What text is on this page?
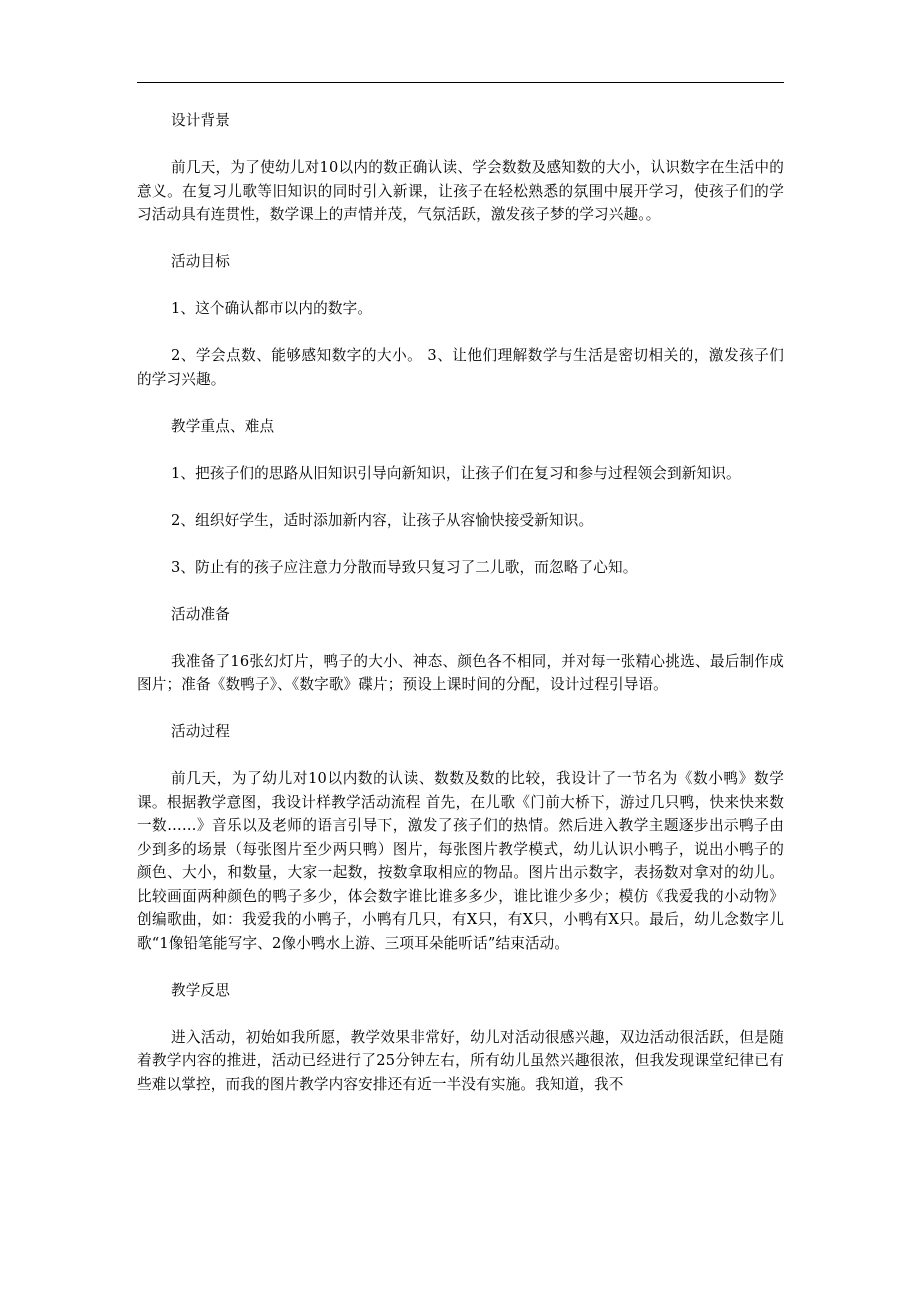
设计背景

前几天，为了使幼儿对10以内的数正确认读、学会数数及感知数的大小，认识数字在生活中的意义。在复习儿歌等旧知识的同时引入新课，让孩子在轻松熟悉的氛围中展开学习，使孩子们的学习活动具有连贯性，数学课上的声情并茂，气氛活跃，激发孩子梦的学习兴趣。。

活动目标

1、这个确认都市以内的数字。

2、学会点数、能够感知数字的大小。 3、让他们理解数学与生活是密切相关的，激发孩子们的学习兴趣。

教学重点、难点

1、把孩子们的思路从旧知识引导向新知识，让孩子们在复习和参与过程领会到新知识。

2、组织好学生，适时添加新内容，让孩子从容愉快接受新知识。

3、防止有的孩子应注意力分散而导致只复习了二儿歌，而忽略了心知。

活动准备

我准备了16张幻灯片，鸭子的大小、神态、颜色各不相同，并对每一张精心挑选、最后制作成图片；准备《数鸭子》、《数字歌》碟片；预设上课时间的分配，设计过程引导语。

活动过程

前几天，为了幼儿对10以内数的认读、数数及数的比较，我设计了一节名为《数小鸭》数学课。根据教学意图，我设计样教学活动流程 首先，在儿歌《门前大桥下，游过几只鸭，快来快来数一数……》音乐以及老师的语言引导下，激发了孩子们的热情。然后进入教学主题逐步出示鸭子由少到多的场景（每张图片至少两只鸭）图片，每张图片教学模式，幼儿认识小鸭子，说出小鸭子的颜色、大小，和数量，大家一起数，按数拿取相应的物品。图片出示数字，表扬数对拿对的幼儿。比较画面两种颜色的鸭子多少，体会数字谁比谁多多少，谁比谁少多少；模仿《我爱我的小动物》创编歌曲，如：我爱我的小鸭子，小鸭有几只，有X只，有X只，小鸭有X只。最后，幼儿念数字儿歌“1像铅笔能写字、2像小鸭水上游、三项耳朵能听话”结束活动。

教学反思

进入活动，初始如我所愿，教学效果非常好，幼儿对活动很感兴趣，双边活动很活跃，但是随着教学内容的推进，活动已经进行了25分钟左右，所有幼儿虽然兴趣很浓，但我发现课堂纪律已有些难以掌控，而我的图片教学内容安排还有近一半没有实施。我知道，我不
